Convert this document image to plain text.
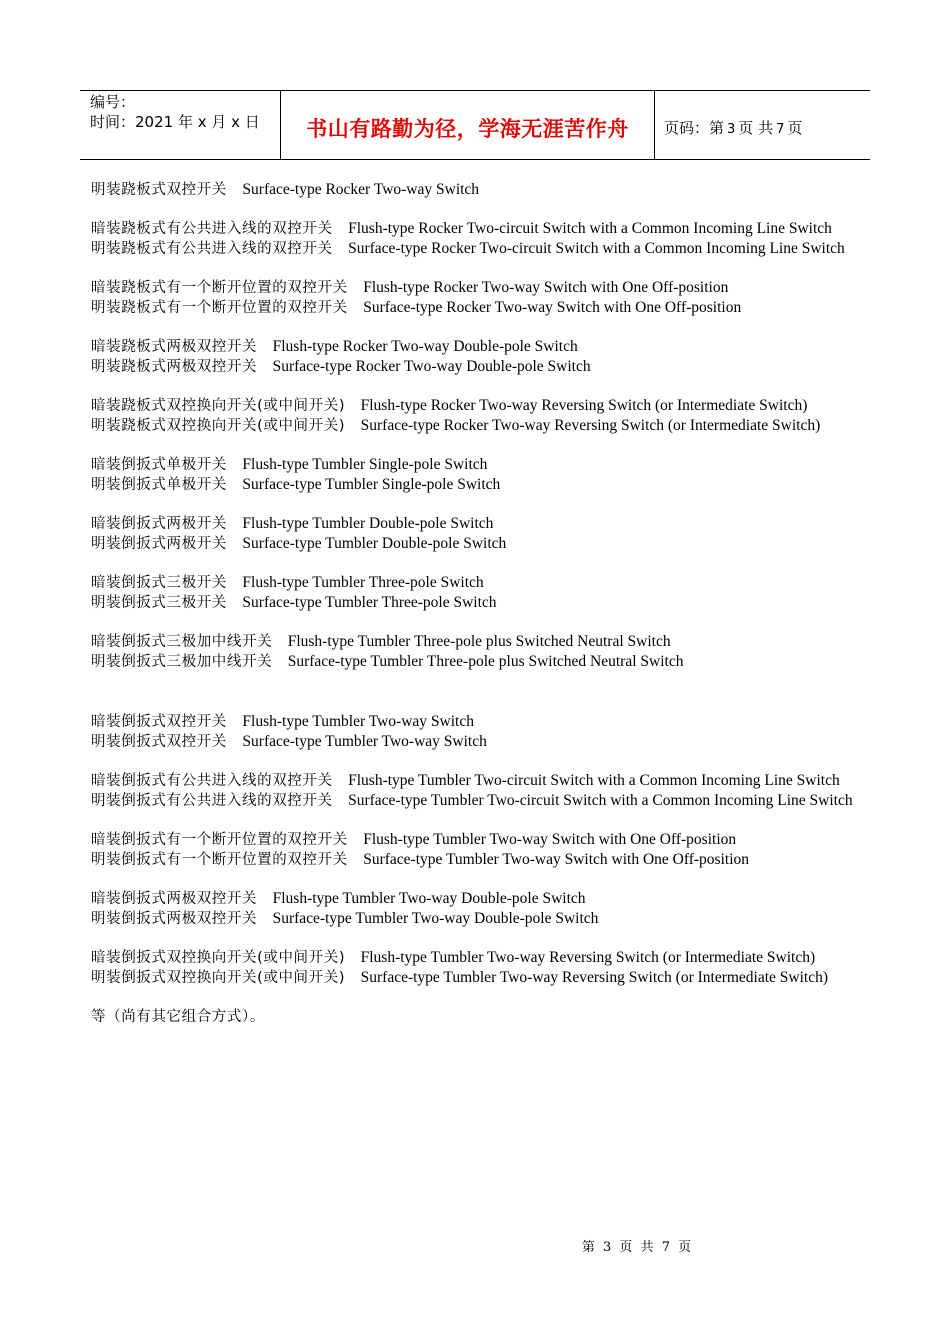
编号：
时间：2021 年 x 月 x 日	书山有路勤为径，学海无涯苦作舟	页码：第 3 页 共 7 页
明装跷板式双控开关 Surface-type Rocker Two-way Switch
暗装跷板式有公共进入线的双控开关 Flush-type Rocker Two-circuit Switch with a Common Incoming Line Switch
明装跷板式有公共进入线的双控开关 Surface-type Rocker Two-circuit Switch with a Common Incoming Line Switch
暗装跷板式有一个断开位置的双控开关 Flush-type Rocker Two-way Switch with One Off-position
明装跷板式有一个断开位置的双控开关 Surface-type Rocker Two-way Switch with One Off-position
暗装跷板式两极双控开关 Flush-type Rocker Two-way Double-pole Switch
明装跷板式两极双控开关 Surface-type Rocker Two-way Double-pole Switch
暗装跷板式双控换向开关(或中间开关) Flush-type Rocker Two-way Reversing Switch (or Intermediate Switch)
明装跷板式双控换向开关(或中间开关) Surface-type Rocker Two-way Reversing Switch (or Intermediate Switch)
暗装倒扳式单极开关 Flush-type Tumbler Single-pole Switch
明装倒扳式单极开关 Surface-type Tumbler Single-pole Switch
暗装倒扳式两极开关 Flush-type Tumbler Double-pole Switch
明装倒扳式两极开关 Surface-type Tumbler Double-pole Switch
暗装倒扳式三极开关 Flush-type Tumbler Three-pole Switch
明装倒扳式三极开关 Surface-type Tumbler Three-pole Switch
暗装倒扳式三极加中线开关 Flush-type Tumbler Three-pole plus Switched Neutral Switch
明装倒扳式三极加中线开关 Surface-type Tumbler Three-pole plus Switched Neutral Switch
暗装倒扳式双控开关 Flush-type Tumbler Two-way Switch
明装倒扳式双控开关 Surface-type Tumbler Two-way Switch
暗装倒扳式有公共进入线的双控开关 Flush-type Tumbler Two-circuit Switch with a Common Incoming Line Switch
明装倒扳式有公共进入线的双控开关 Surface-type Tumbler Two-circuit Switch with a Common Incoming Line Switch
暗装倒扳式有一个断开位置的双控开关 Flush-type Tumbler Two-way Switch with One Off-position
明装倒扳式有一个断开位置的双控开关 Surface-type Tumbler Two-way Switch with One Off-position
暗装倒扳式两极双控开关 Flush-type Tumbler Two-way Double-pole Switch
明装倒扳式两极双控开关 Surface-type Tumbler Two-way Double-pole Switch
暗装倒扳式双控换向开关(或中间开关) Flush-type Tumbler Two-way Reversing Switch (or Intermediate Switch)
明装倒扳式双控换向开关(或中间开关) Surface-type Tumbler Two-way Reversing Switch (or Intermediate Switch)
等（尚有其它组合方式）。
第 3 页 共 7 页
